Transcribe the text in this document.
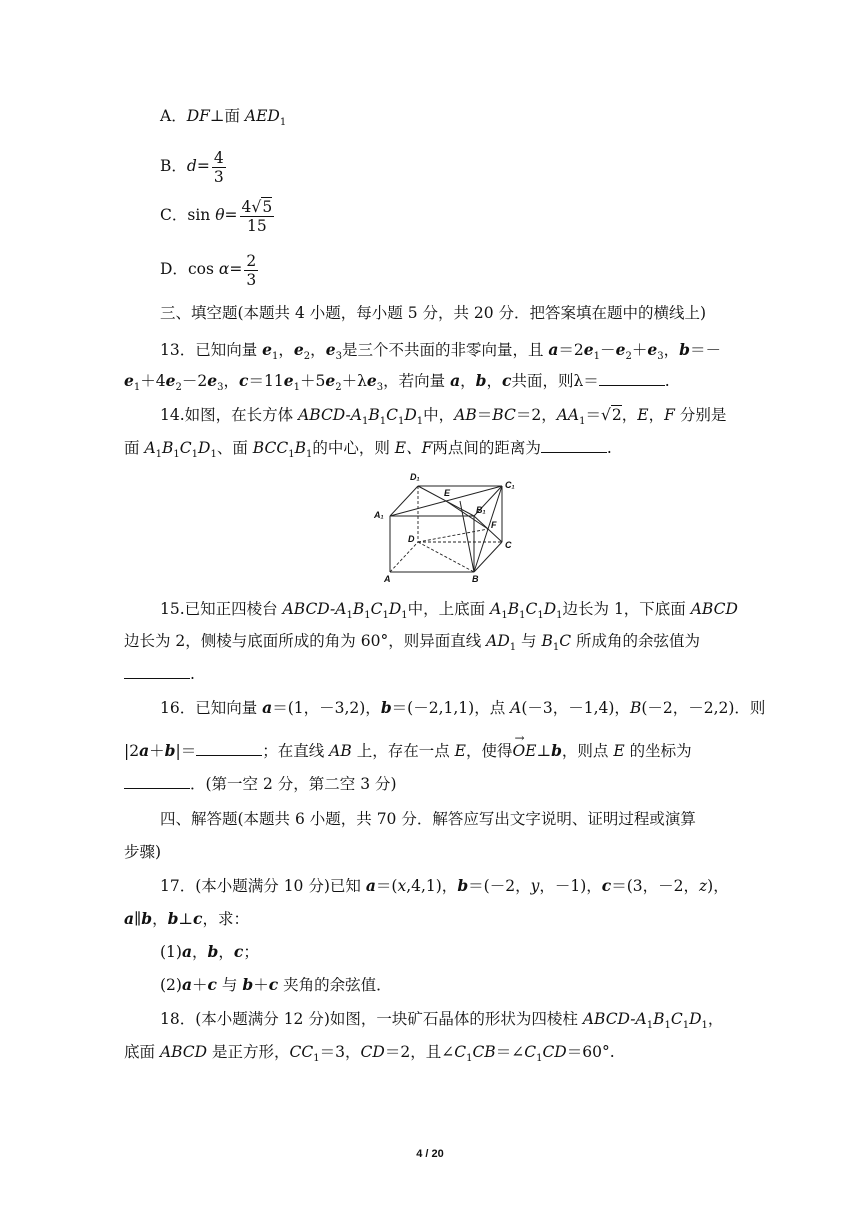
A．DF⊥面 $AED_1$
B．$d= \frac{4}{3}$
C．$\sin \theta= \frac{4√5}{15}$
D．$\cos \alpha= \frac{2}{3}$
三、填空题(本题共 4 小题，每小题 5 分，共 20 分．把答案填在题中的横线上)
13．已知向量 $e_1$，$e_2$，$e_3$是三个不共面的非零向量，且 $a=2e_1-e_2+e_3$，b＝－
$e_1+4e_2-2e_3$，$c=11e_1+5e_2+\lambda e_3$，若向量 a，b，c共面，则λ＝	.
14.如图，在长方体 ABCD-$A_1B_1C_1D_1$中，AB＝BC＝2，$AA_1=√2$，E，F 分别是
面 $A_1B_1C_1D_1$、面 $BCC_1B_1$的中心，则 E、F两点间的距离为	.
D₁
E
C₁
A₁	B₁
F
D
C
A	B
15.已知正四棱台 ABCD-$A_1B_1C_1D_1$中，上底面 $A_1B_1C_1D_1$边长为 1，下底面 ABCD
边长为 2，侧棱与底面所成的角为 60°，则异面直线 $AD_1$ 与 $B_1C$ 所成角的余弦值为
.
16．已知向量 a＝(1，－3,2)，b＝(－2,1,1)，点 A(－3，－1,4)，B(－2，－2,2)．则
|2a＋b|＝	；在直线 AB 上，存在一点 E，使得→ OE⊥b，则点 E 的坐标为
．(第一空 2 分，第二空 3 分)
四、解答题(本题共 6 小题，共 70 分．解答应写出文字说明、证明过程或演算
步骤)
17．(本小题满分 10 分)已知 a＝(x,4,1)，b＝(－2，y，－1)，c＝(3，－2，z)，
a∥b，b⊥c，求：
(1)a，b，c；
(2)a＋c 与 b＋c 夹角的余弦值．
18．(本小题满分 12 分)如图，一块矿石晶体的形状为四棱柱 ABCD-$A_1B_1C_1D_1$，
底面 ABCD 是正方形，$CC_1=3$，CD＝2，且$\angle C_1CB=\angle C_1CD=60^\circ$.
4 / 20
